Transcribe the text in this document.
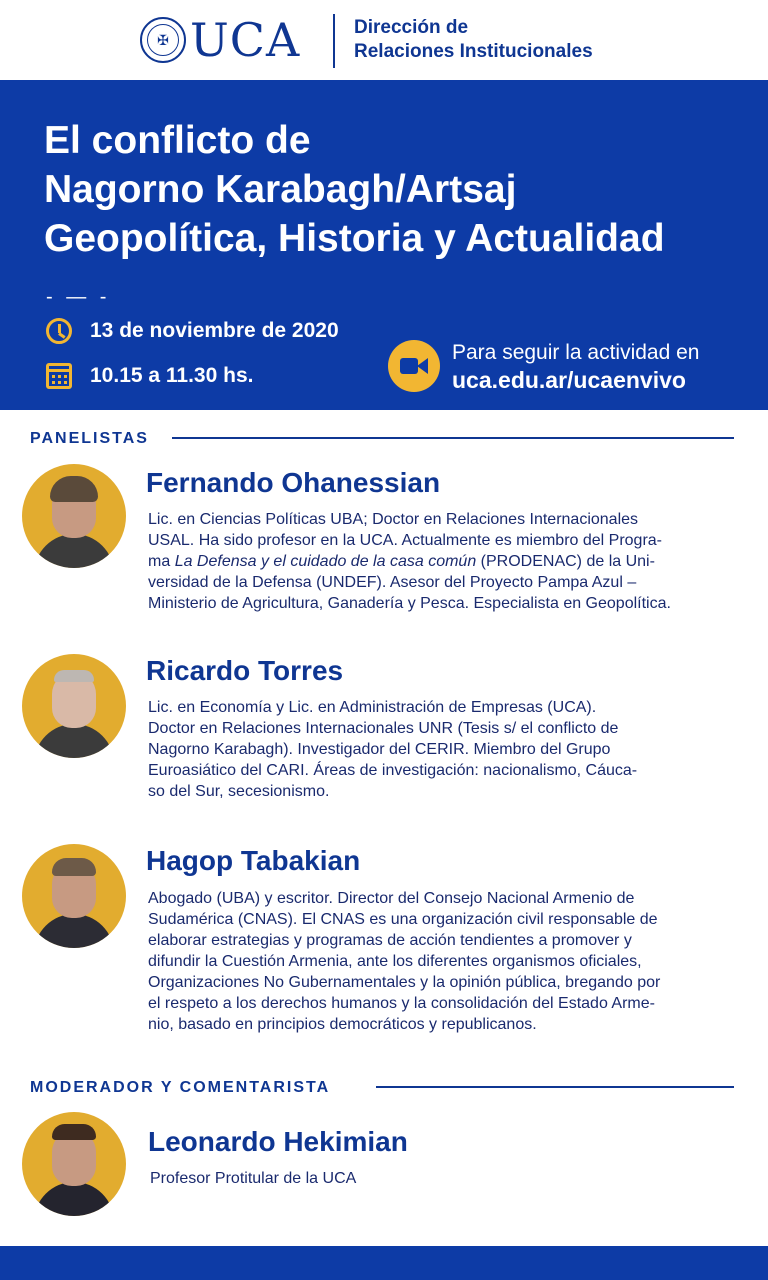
✠ UCA	Dirección de
Relaciones Institucionales
El conflicto de
Nagorno Karabagh/Artsaj
Geopolítica, Historia y Actualidad
- — -
13 de noviembre de 2020
10.15 a 11.30 hs.
Para seguir la actividad en
uca.edu.ar/ucaenvivo
PANELISTAS
Fernando Ohanessian
Lic. en Ciencias Políticas UBA; Doctor en Relaciones Internacionales
USAL. Ha sido profesor en la UCA. Actualmente es miembro del Progra-
ma La Defensa y el cuidado de la casa común (PRODENAC) de la Uni-
versidad de la Defensa (UNDEF). Asesor del Proyecto Pampa Azul –
Ministerio de Agricultura, Ganadería y Pesca. Especialista en Geopolítica.
Ricardo Torres
Lic. en Economía y Lic. en Administración de Empresas (UCA).
Doctor en Relaciones Internacionales UNR (Tesis s/ el conflicto de
Nagorno Karabagh). Investigador del CERIR. Miembro del Grupo
Euroasiático del CARI. Áreas de investigación: nacionalismo, Cáuca-
so del Sur, secesionismo.
Hagop Tabakian
Abogado (UBA) y escritor. Director del Consejo Nacional Armenio de
Sudamérica (CNAS). El CNAS es una organización civil responsable de
elaborar estrategias y programas de acción tendientes a promover y
difundir la Cuestión Armenia, ante los diferentes organismos oficiales,
Organizaciones No Gubernamentales y la opinión pública, bregando por
el respeto a los derechos humanos y la consolidación del Estado Arme-
nio, basado en principios democráticos y republicanos.
MODERADOR Y COMENTARISTA
Leonardo Hekimian
Profesor Protitular de la UCA
